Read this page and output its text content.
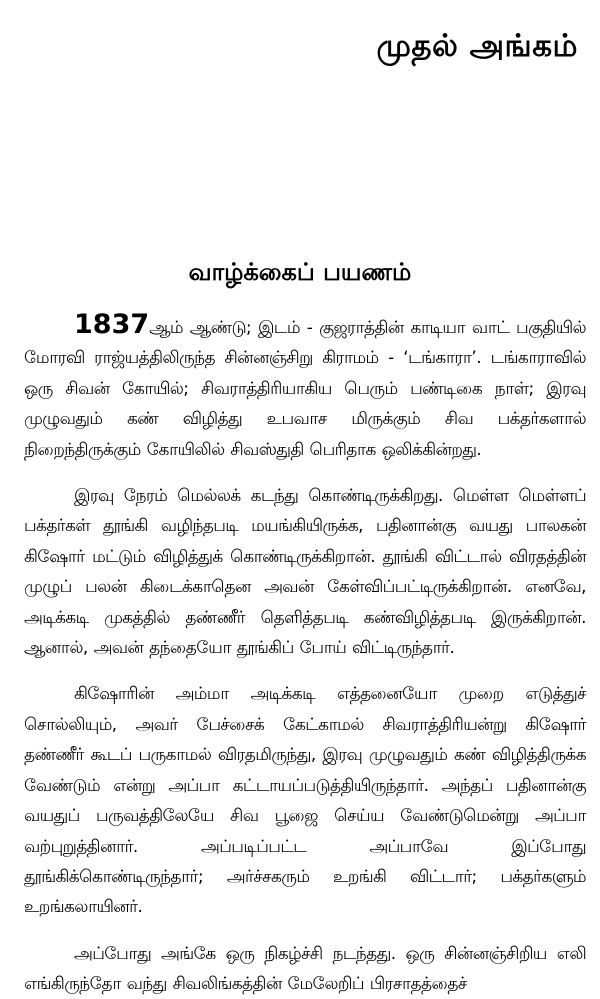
முதல் அங்கம்
வாழ்க்கைப் பயணம்

1837ஆம் ஆண்டு; இடம் - குஜராத்தின் காடியா வாட் பகுதியில் மோரவி ராஜ்யத்திலிருந்த சின்னஞ்சிறு கிராமம் - ‘டங்காரா’. டங்காராவில் ஒரு சிவன் கோயில்; சிவராத்திரியாகிய பெரும் பண்டிகை நாள்; இரவு முழுவதும் கண் விழித்து உபவாச மிருக்கும் சிவ பக்தர்களால் நிறைந்திருக்கும் கோயிலில் சிவஸ்துதி பெரிதாக ஒலிக்கின்றது.

இரவு நேரம் மெல்லக் கடந்து கொண்டிருக்கிறது. மெள்ள மெள்ளப் பக்தர்கள் தூங்கி வழிந்தபடி மயங்கியிருக்க, பதினான்கு வயது பாலகன் கிஷோர் மட்டும் விழித்துக் கொண்டிருக்கிறான். தூங்கி விட்டால் விரதத்தின் முழுப் பலன் கிடைக்காதென அவன் கேள்விப்பட்டிருக்கிறான். எனவே, அடிக்கடி முகத்தில் தண்ணீர் தெளித்தபடி கண்விழித்தபடி இருக்கிறான். ஆனால், அவன் தந்தையோ தூங்கிப் போய் விட்டிருந்தார்.

கிஷோரின் அம்மா அடிக்கடி எத்தனையோ முறை எடுத்துச் சொல்லியும், அவர் பேச்சைக் கேட்காமல் சிவராத்திரியன்று கிஷோர் தண்ணீர் கூடப் பருகாமல் விரதமிருந்து, இரவு முழுவதும் கண் விழித்திருக்க வேண்டும் என்று அப்பா கட்டாயப்படுத்தியிருந்தார். அந்தப் பதினான்கு வயதுப் பருவத்திலேயே சிவ பூஜை செய்ய வேண்டுமென்று அப்பா வற்புறுத்தினார். அப்படிப்பட்ட அப்பாவே இப்போது தூங்கிக்கொண்டிருந்தார்; அர்ச்சகரும் உறங்கி விட்டார்; பக்தர்களும் உறங்கலாயினர்.

அப்போது அங்கே ஒரு நிகழ்ச்சி நடந்தது. ஒரு சின்னஞ்சிறிய எலி எங்கிருந்தோ வந்து சிவலிங்கத்தின் மேலேறிப் பிரசாதத்தைச்
